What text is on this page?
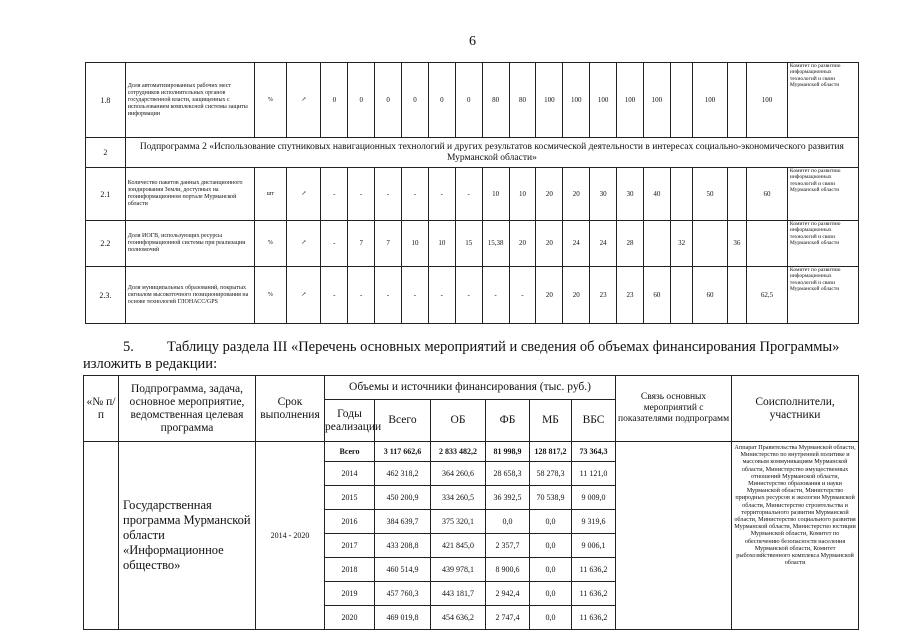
6
1.8	Доля автоматизированных рабочих мест сотрудников исполнительных органов государственной власти, защищенных с использованием комплексной системы защиты информации	%	↗	0	0	0	0	0	0	80	80	100	100	100	100	100		100		100	Комитет по развитию информационных технологий и связи Мурманской области
2	Подпрограмма 2 «Использование спутниковых навигационных технологий и других результатов космической деятельности в интересах социально-экономического развития Мурманской области»																				
2.1	Количество пакетов данных дистанционного зондирования Земли, доступных на геоинформационном портале Мурманской области	шт	↗	-	-	-	-	-	-	10	10	20	20	30	30	40		50		60	Комитет по развитию информационных технологий и связи Мурманской области
2.2	Доля ИОГВ, использующих ресурсы геоинформационной системы при реализации полномочий	%	↗	-	7	7	10	10	15	15,38	20	20	24	24	28		32		36		Комитет по развитию информационных технологий и связи Мурманской области
2.3.	Доля муниципальных образований, покрытых сигналом высокоточного позиционирования на основе технологий ГЛОНАСС/GPS	%	↗	-	-	-	-	-	-	-	-	20	20	23	23	60		60		62,5	Комитет по развитию информационных технологий и связи Мурманской области
5. Таблицу раздела III «Перечень основных мероприятий и сведения об объемах финансирования Программы»
изложить в редакции:
«№ п/п	Подпрограмма, задача, основное мероприятие, ведомственная целевая программа	Срок выполнения	Объемы и источники финансирования (тыс. руб.)						Связь основных мероприятий с показателями подпрограмм	Соисполнители, участники
			Годы реализации	Всего	ОБ	ФБ	МБ	ВБС		
	Государственная программа Мурманской области «Информационное общество»	2014 - 2020	Всего	3 117 662,6	2 833 482,2	81 998,9	128 817,2	73 364,3		Аппарат Правительства Мурманской области, Министерство по внутренней политике и массовым коммуникациям Мурманской области, Министерство имущественных отношений Мурманской области, Министерство образования и науки Мурманской области, Министерство природных ресурсов и экологии Мурманской области, Министерство строительства и территориального развития Мурманской области, Министерство социального развития Мурманской области, Министерство юстиции Мурманской области, Комитет по обеспечению безопасности населения Мурманской области, Комитет рыбохозяйственного комплекса Мурманской области
			2014	462 318,2	364 260,6	28 658,3	58 278,3	11 121,0		
			2015	450 200,9	334 260,5	36 392,5	70 538,9	9 009,0		
			2016	384 639,7	375 320,1	0,0	0,0	9 319,6		
			2017	433 208,8	421 845,0	2 357,7	0,0	9 006,1		
			2018	460 514,9	439 978,1	8 900,6	0,0	11 636,2		
			2019	457 760,3	443 181,7	2 942,4	0,0	11 636,2		
			2020	469 019,8	454 636,2	2 747,4	0,0	11 636,2		
